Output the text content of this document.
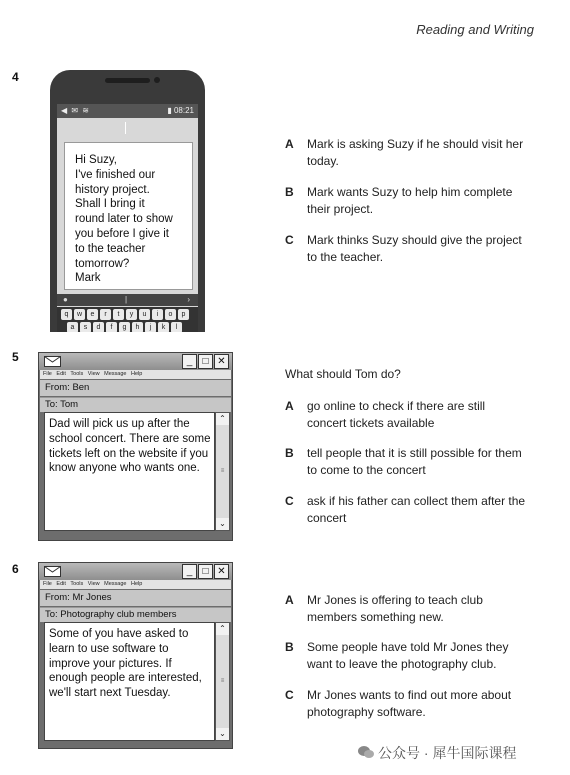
Reading and Writing
4
◀ ✉ ≋	▮ 08:21
Hi Suzy,
I've finished our
history project.
Shall I bring it
round later to show
you before I give it
to the teacher
tomorrow?
Mark
●	|	›
q	w	e	r	t	y	u	i	o	p
a	s	d	f	g	h	j	k	l
A Mark is asking Suzy if he should visit her today.
B Mark wants Suzy to help him complete their project.
C Mark thinks Suzy should give the project to the teacher.
5	_	□ ✕
File Edit Tools View Message Help
From: Ben
To: Tom
Dad will pick us up after the school concert. There are some tickets left on the website if you know anyone who wants one.
⌃
≡
⌄
What should Tom do?
A go online to check if there are still concert tickets available
B tell people that it is still possible for them to come to the concert
C ask if his father can collect them after the concert
6	_	□ ✕
File Edit Tools View Message Help
From: Mr Jones
To: Photography club members
Some of you have asked to learn to use software to improve your pictures. If enough people are interested, we'll start next Tuesday.
⌃
≡
⌄
A Mr Jones is offering to teach club members something new.
B Some people have told Mr Jones they want to leave the photography club.
C Mr Jones wants to find out more about photography software.
公众号 · 犀牛国际课程
